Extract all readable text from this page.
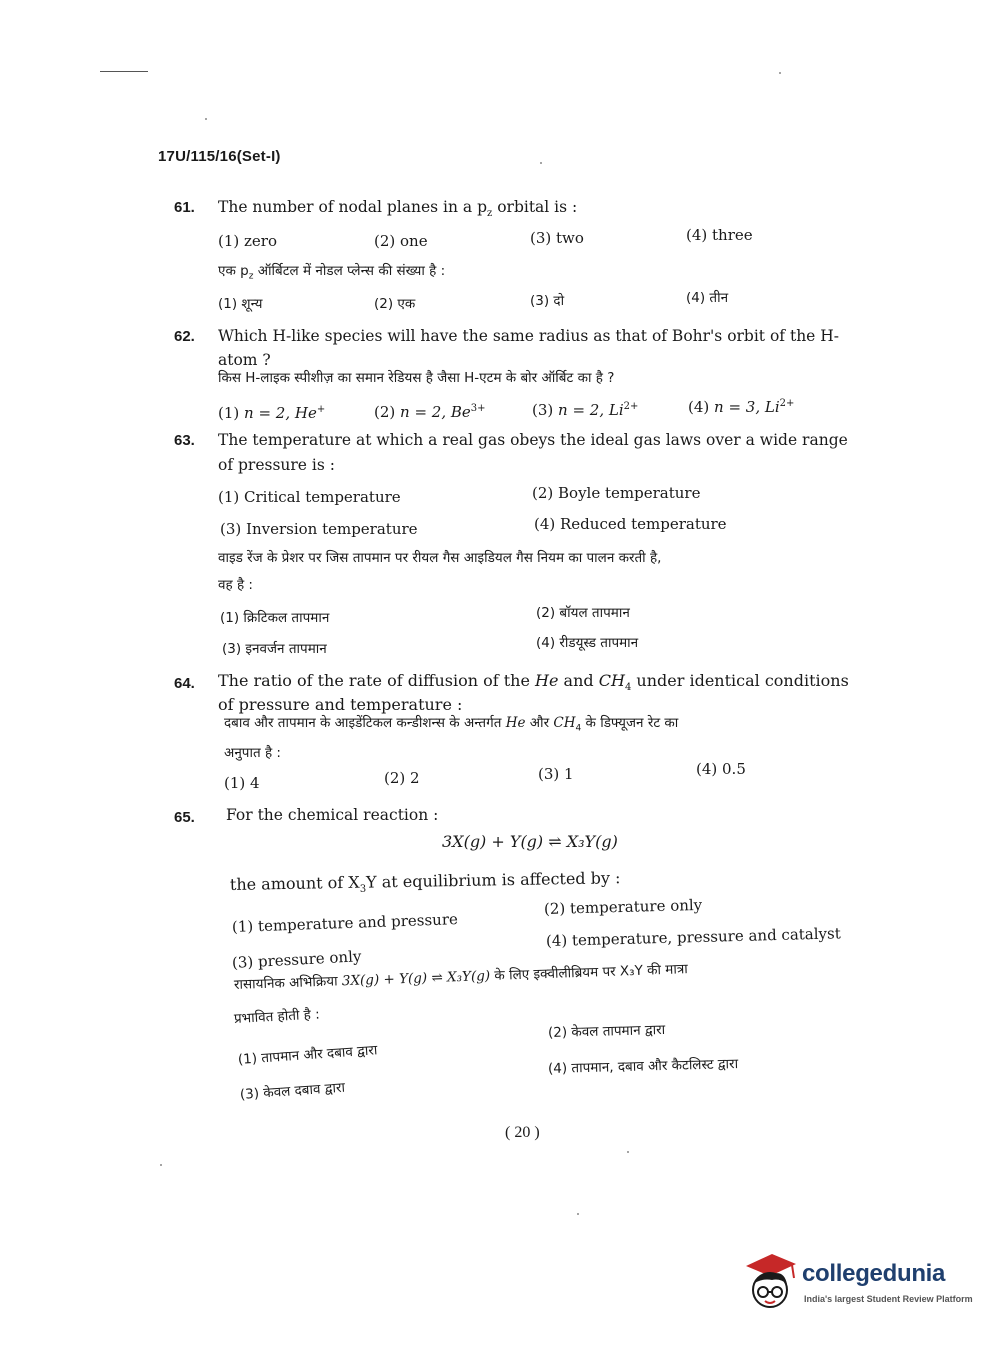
17U/115/16(Set-I)
61. The number of nodal planes in a $p_z$ orbital is :
(1) zero	(2) one	(3) two	(4) three
एक $p_z$ ऑर्बिटल में नोडल प्लेन्स की संख्या है :
(1) शून्य	(2) एक	(3) दो	(4) तीन
62. Which H-like species will have the same radius as that of Bohr's orbit of the H-
atom ?
किस H-लाइक स्पीशीज़ का समान रेडियस है जैसा H-एटम के बोर ऑर्बिट का है ?
(1) n = 2, He+	(2) n = 2, $Be^{3+}$	(3) n = 2, $Li^{2+}$	(4) n = 3, $Li^{2+}$
63. The temperature at which a real gas obeys the ideal gas laws over a wide range
of pressure is :
(1) Critical temperature	(2) Boyle temperature
(3) Inversion temperature	(4) Reduced temperature
वाइड रेंज के प्रेशर पर जिस तापमान पर रीयल गैस आइडियल गैस नियम का पालन करती है,
वह है :
(1) क्रिटिकल तापमान	(2) बॉयल तापमान
(3) इनवर्जन तापमान	(4) रीडयूस्ड तापमान
64. The ratio of the rate of diffusion of the He and $CH_4$ under identical conditions
of pressure and temperature :
दबाव और तापमान के आइडेंटिकल कन्डीशन्स के अन्तर्गत He और $CH_4$ के डिफ्यूजन रेट का
अनुपात है :
(1) 4	(2) 2	(3) 1	(4) 0.5
65. For the chemical reaction :
3X(g) + Y(g) ⇌ X₃Y(g)
the amount of $X_3Y$ at equilibrium is affected by :
(1) temperature and pressure
(2) temperature only
(3) pressure only
(4) temperature, pressure and catalyst
रासायनिक अभिक्रिया 3X(g) + Y(g) ⇌ X₃Y(g) के लिए इक्वीलीब्रियम पर X₃Y की मात्रा
प्रभावित होती है :
(1) तापमान और दबाव द्वारा
(2) केवल तापमान द्वारा
(3) केवल दबाव द्वारा
(4) तापमान, दबाव और कैटलिस्ट द्वारा
( 20 )
collegedunia
India's largest Student Review Platform
